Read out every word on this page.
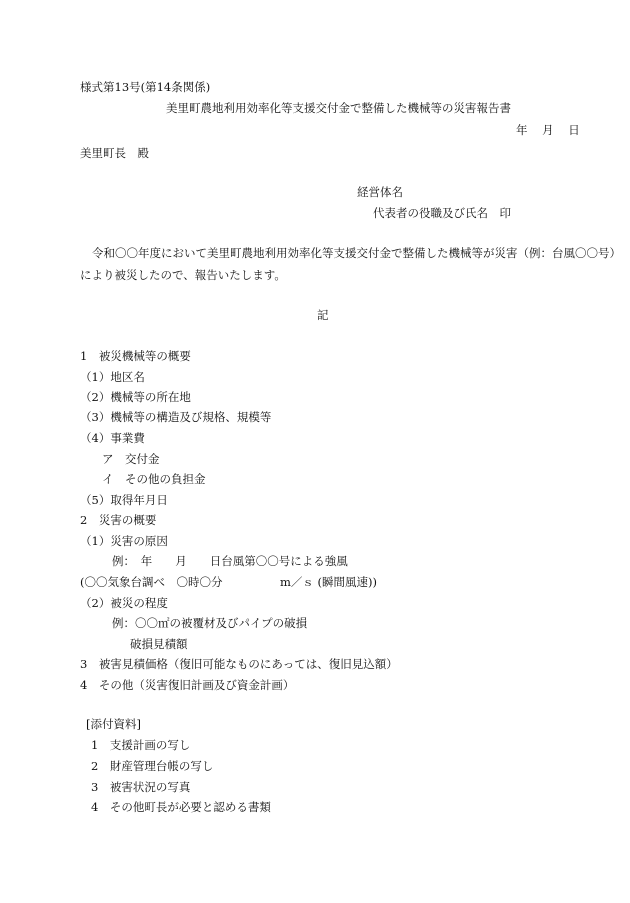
様式第13号(第14条関係)
美里町農地利用効率化等支援交付金で整備した機械等の災害報告書
年 月 日
美里町長　殿
経営体名
代表者の役職及び氏名　印
令和〇〇年度において美里町農地利用効率化等支援交付金で整備した機械等が災害（例：台風〇〇号）
により被災したので、報告いたします。
記
1　被災機械等の概要
（1）地区名
（2）機械等の所在地
（3）機械等の構造及び規格、規模等
（4）事業費
ア　交付金
イ　その他の負担金
（5）取得年月日
2　災害の概要
（1）災害の原因
例：　年　　月　　日台風第〇〇号による強風
(〇〇気象台調べ　〇時〇分　　　　　m／ｓ (瞬間風速))
（2）被災の程度
例：〇〇㎡の被覆材及びパイプの破損
破損見積額
3　被害見積価格（復旧可能なものにあっては、復旧見込額）
4　その他（災害復旧計画及び資金計画）
[添付資料]
1　支援計画の写し
2　財産管理台帳の写し
3　被害状況の写真
4　その他町長が必要と認める書類
